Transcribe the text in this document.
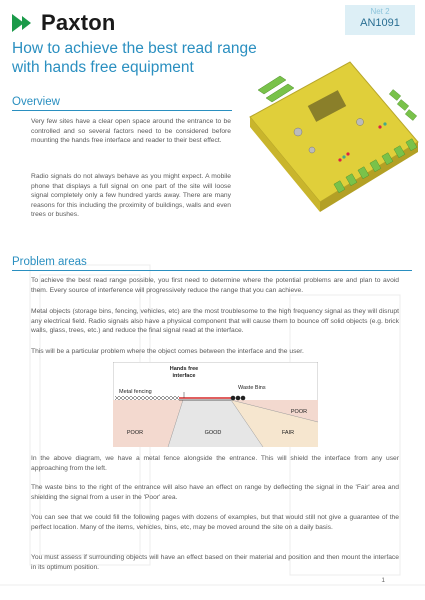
Paxton	Net 2
AN1091
How to achieve the best read range with hands free equipment
Overview
Very few sites have a clear open space around the entrance to be controlled and so several factors need to be considered before mounting the hands free interface and reader to their best effect.
Radio signals do not always behave as you might expect. A mobile phone that displays a full signal on one part of the site will loose signal completely only a few hundred yards away. There are many reasons for this including the proximity of buildings, walls and even trees or bushes.
Problem areas
To achieve the best read range possible, you first need to determine where the potential problems are and plan to avoid them. Every source of interference will progressively reduce the range that you can achieve.
Metal objects (storage bins, fencing, vehicles, etc) are the most troublesome to the high frequency signal as they will disrupt any electrical field. Radio signals also have a physical component that will cause them to bounce off solid objects (e.g. brick walls, glass, trees, etc.) and reduce the final signal read at the interface.
This will be a particular problem where the object comes between the interface and the user.
Hands free
interface
Metal fencing
Waste Bins
POOR
POOR	GOOD	FAIR
In the above diagram, we have a metal fence alongside the entrance. This will shield the interface from any user approaching from the left.
The waste bins to the right of the entrance will also have an effect on range by deflecting the signal in the 'Fair' area and shielding the signal from a user in the 'Poor' area.
You can see that we could fill the following pages with dozens of examples, but that would still not give a guarantee of the perfect location. Many of the items, vehicles, bins, etc, may be moved around the site on a daily basis.
You must assess if surrounding objects will have an effect based on their material and position and then mount the interface in its optimum position.
1
